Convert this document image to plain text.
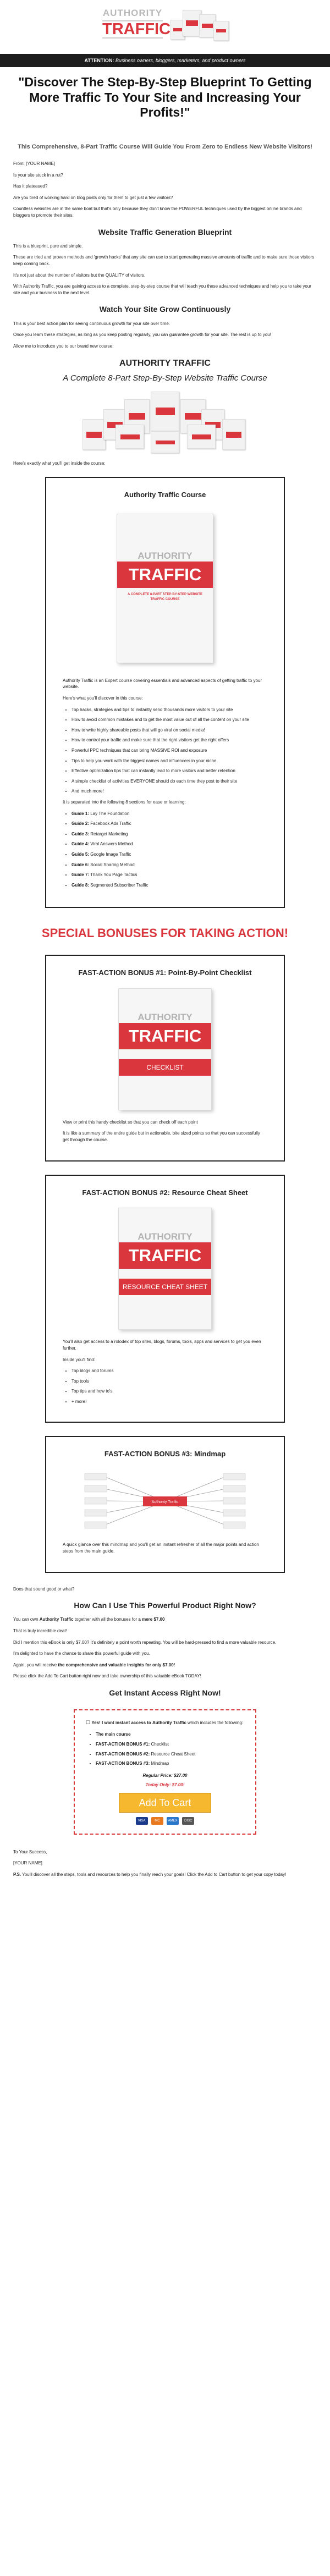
AUTHORITY
TRAFFIC
ATTENTION: Business owners, bloggers, marketers, and product owners
"Discover The Step-By-Step Blueprint To Getting More Traffic To Your Site and Increasing Your Profits!"
This Comprehensive, 8-Part Traffic Course Will Guide You From Zero to Endless New Website Visitors!

From: [YOUR NAME]

Is your site stuck in a rut?

Has it plateaued?

Are you tired of working hard on blog posts only for them to get just a few visitors?

Countless websites are in the same boat but that's only because they don't know the POWERFUL techniques used by the biggest online brands and bloggers to promote their sites.

Website Traffic Generation Blueprint

This is a blueprint, pure and simple.

These are tried and proven methods and 'growth hacks' that any site can use to start generating massive amounts of traffic and to make sure those visitors keep coming back.

It's not just about the number of visitors but the QUALITY of visitors.

With Authority Traffic, you are gaining access to a complete, step-by-step course that will teach you these advanced techniques and help you to take your site and your business to the next level.

Watch Your Site Grow Continuously

This is your best action plan for seeing continuous growth for your site over time.

Once you learn these strategies, as long as you keep posting regularly, you can guarantee growth for your site. The rest is up to you!

Allow me to introduce you to our brand new course:

AUTHORITY TRAFFIC
A Complete 8-Part Step-By-Step Website Traffic Course

Here's exactly what you'll get inside the course:

Authority Traffic Course
AUTHORITY
TRAFFIC
A COMPLETE 8-PART STEP-BY-STEP WEBSITE TRAFFIC COURSE

Authority Traffic is an Expert course covering essentials and advanced aspects of getting traffic to your website.

Here's what you'll discover in this course:

• Top hacks, strategies and tips to instantly send thousands more visitors to your site
• How to avoid common mistakes and to get the most value out of all the content on your site
• How to write highly shareable posts that will go viral on social media!
• How to control your traffic and make sure that the right visitors get the right offers
• Powerful PPC techniques that can bring MASSIVE ROI and exposure
• Tips to help you work with the biggest names and influencers in your niche
• Effective optimization tips that can instantly lead to more visitors and better retention
• A simple checklist of activities EVERYONE should do each time they post to their site
• And much more!

It is separated into the following 8 sections for ease or learning:

• Guide 1: Lay The Foundation
• Guide 2: Facebook Ads Traffic
• Guide 3: Retarget Marketing
• Guide 4: Viral Answers Method
• Guide 5: Google Image Traffic
• Guide 6: Social Sharing Method
• Guide 7: Thank You Page Tactics
• Guide 8: Segmented Subscriber Traffic
SPECIAL BONUSES FOR TAKING ACTION!
FAST-ACTION BONUS #1: Point-By-Point Checklist
AUTHORITY
TRAFFIC
CHECKLIST

View or print this handy checklist so that you can check off each point

It is like a summary of the entire guide but in actionable, bite sized points so that you can successfully get through the course.

FAST-ACTION BONUS #2: Resource Cheat Sheet
AUTHORITY
TRAFFIC
RESOURCE CHEAT SHEET

You'll also get access to a rolodex of top sites, blogs, forums, tools, apps and services to get you even further.

Inside you'll find:

• Top blogs and forums
• Top tools
• Top tips and how to's
• + more!
FAST-ACTION BONUS #3: Mindmap
Authority Traffic

A quick glance over this mindmap and you'll get an instant refresher of all the major points and action steps from the main guide.

Does that sound good or what?

How Can I Use This Powerful Product Right Now?

You can own Authority Traffic together with all the bonuses for a mere $7.00

That is truly incredible deal!

Did I mention this eBook is only $7.00? It's definitely a point worth repeating. You will be hard-pressed to find a more valuable resource.

I'm delighted to have the chance to share this powerful guide with you.

Again, you will receive the comprehensive and valuable insights for only $7.00!

Please click the Add To Cart button right now and take ownership of this valuable eBook TODAY!

Get Instant Access Right Now!

☐ Yes! I want instant access to Authority Traffic which includes the following:

• The main course
• FAST-ACTION BONUS #1: Checklist
• FAST-ACTION BONUS #2: Resource Cheat Sheet
• FAST-ACTION BONUS #3: Mindmap
Regular Price: $27.00
Today Only: $7.00!
Add To Cart
VISA	MC	AMEX DISC

To Your Success,

[YOUR NAME]

P.S. You'll discover all the steps, tools and resources to help you finally reach your goals! Click the Add to Cart button to get your copy today!
